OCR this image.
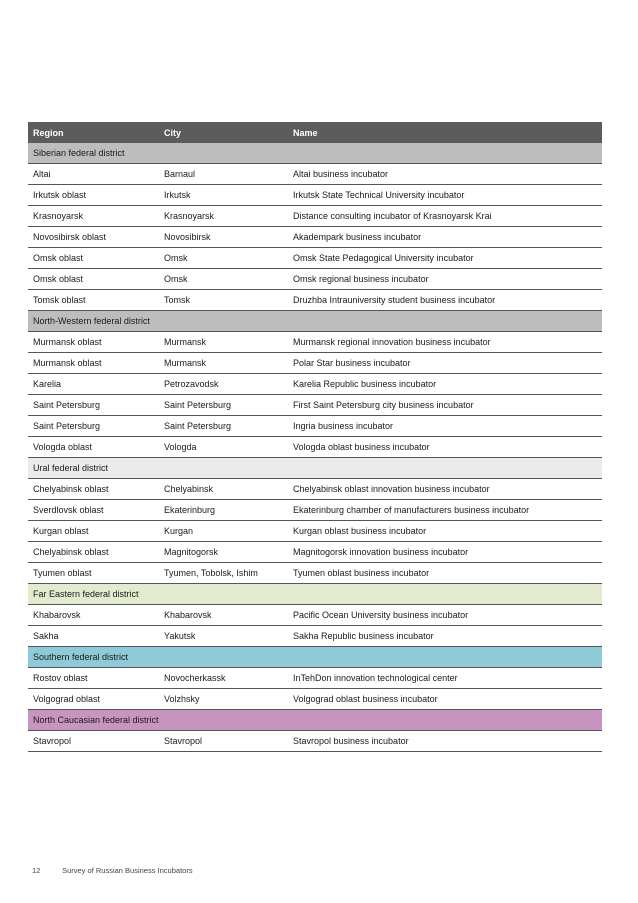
Region	City	Name
Siberian federal district		
Altai	Barnaul	Altai business incubator
Irkutsk oblast	Irkutsk	Irkutsk State Technical University incubator
Krasnoyarsk	Krasnoyarsk	Distance consulting incubator of Krasnoyarsk Krai
Novosibirsk oblast	Novosibirsk	Akadempark business incubator
Omsk oblast	Omsk	Omsk State Pedagogical University incubator
Omsk oblast	Omsk	Omsk regional business incubator
Tomsk oblast	Tomsk	Druzhba Intrauniversity student business incubator
North-Western federal district		
Murmansk oblast	Murmansk	Murmansk regional innovation business incubator
Murmansk oblast	Murmansk	Polar Star business incubator
Karelia	Petrozavodsk	Karelia Republic business incubator
Saint Petersburg	Saint Petersburg	First Saint Petersburg city business incubator
Saint Petersburg	Saint Petersburg	Ingria business incubator
Vologda oblast	Vologda	Vologda oblast business incubator
Ural federal district		
Chelyabinsk oblast	Chelyabinsk	Chelyabinsk oblast innovation business incubator
Sverdlovsk oblast	Ekaterinburg	Ekaterinburg chamber of manufacturers business incubator
Kurgan oblast	Kurgan	Kurgan oblast business incubator
Chelyabinsk oblast	Magnitogorsk	Magnitogorsk innovation business incubator
Tyumen oblast	Tyumen, Tobolsk, Ishim	Tyumen oblast business incubator
Far Eastern federal district		
Khabarovsk	Khabarovsk	Pacific Ocean University business incubator
Sakha	Yakutsk	Sakha Republic business incubator
Southern federal district		
Rostov oblast	Novocherkassk	InTehDon innovation technological center
Volgograd oblast	Volzhsky	Volgograd oblast business incubator
North Caucasian federal district		
Stavropol	Stavropol	Stavropol business incubator
12	Survey of Russian Business Incubators
